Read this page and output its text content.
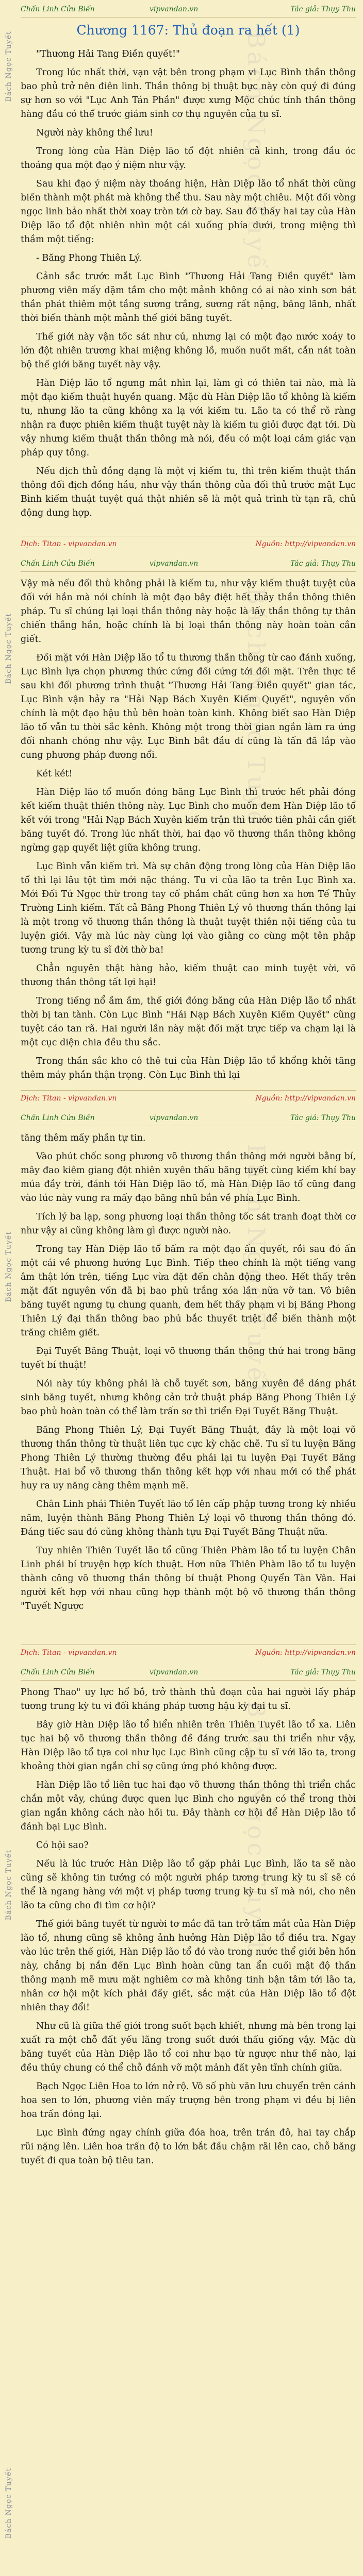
Bách Ngọc Tuyết
Bách Ngọc Tuyết
Bách Ngọc Tuyết
Bách Ngọc Tuyết
Bách Ngọc Tuyết
Chấn Linh Cửu Biến	vipvandan.vn	Tác giả: Thụy Thu
Chương 1167: Thủ đoạn ra hết (1)
Bách Ngọc Tuyết

"Thương Hải Tang Điền quyết!"

Trong lúc nhất thời, vạn vật bên trong phạm vi Lục Bình thần thông bao phủ trở nên điên linh. Thần thông bị thuật bực này còn quý đi đúng sự hơn so với "Lục Anh Tán Phần" được xưng Mộc chúc tính thần thông hàng đầu có thể trước giám sinh cơ thụ nguyên của tu sĩ.

Người này không thể lưu!

Trong lòng của Hàn Diệp lão tổ đột nhiên cả kinh, trong đầu óc thoáng qua một đạo ý niệm như vậy.

Sau khi đạo ý niệm này thoáng hiện, Hàn Diệp lão tổ nhất thời cũng biến thành một phát mà không thể thu. Sau này một chiêu. Một đối vòng ngọc linh bảo nhất thời xoay tròn tới cờ bay. Sau đó thấy hai tay của Hàn Diệp lão tổ đột nhiên nhìn một cái xuống phía dưới, trong miệng thì thầm một tiếng:

- Băng Phong Thiên Lý.

Cảnh sắc trước mắt Lục Bình "Thương Hải Tang Điền quyết" làm phương viên mấy dặm tầm cho một mảnh không có ai nào xinh sơn bát thần phát thiêm một tầng sương trắng, sương rất nặng, băng lãnh, nhất thời biến thành một mảnh thế giới băng tuyết.

Thế giới này vận tốc sát như củ, nhưng lại có một đạo nước xoáy to lớn đột nhiên trương khai miệng không lồ, muốn nuốt mất, cắn nát toàn bộ thế giới băng tuyết này vậy.

Hàn Diệp lão tổ ngưng mắt nhìn lại, làm gì có thiên tai nào, mà là một đạo kiếm thuật huyền quang. Mặc dù Hàn Diệp lão tổ không là kiếm tu, nhưng lão ta cũng không xa lạ với kiếm tu. Lão ta có thể rõ ràng nhận ra được phiên kiếm thuật tuyệt này là kiếm tu giỏi được đạt tới. Dù vậy nhưng kiếm thuật thần thông mà nói, đều có một loại cảm giác vạn pháp quy tông.

Nếu dịch thủ đồng dạng là một vị kiếm tu, thì trên kiếm thuật thần thông đối địch đồng hầu, như vậy thần thông của đối thủ trước mặt Lục Bình kiếm thuật tuyệt quá thật nhiên sẽ là một quả trình từ tạn rã, chủ động dung hợp.

Dịch: Titan - vipvandan.vn	Nguồn: http://vipvandan.vn
Chấn Linh Cửu Biến	vipvandan.vn	Tác giả: Thụy Thu
Bách Ngọc Tuyết

Vậy mà nếu đối thủ không phải là kiếm tu, như vậy kiếm thuật tuyệt của đối với hắn mà nói chính là một đạo bây điệt hết thảy thần thông thiên pháp. Tu sĩ chúng lại loại thần thông này hoặc là lấy thần thông tự thân chiến thắng hắn, hoặc chính là bị loại thần thông này hoàn toàn cắn giết.

Đối mặt với Hàn Diệp lão tổ tu thương thần thông từ cao đánh xuống, Lục Bình lựa chọn phương thức cứng đối cứng tới đối mặt. Trên thực tế sau khi đối phương trình thuật "Thương Hải Tang Điền quyết" gian tác, Lục Bình vận hảy ra "Hải Nạp Bách Xuyên Kiếm Quyết", nguyên vốn chính là một đạo hậu thủ bên hoàn toàn kinh. Không biết sao Hàn Diệp lão tổ vẫn tu thời sắc kênh. Không một trong thời gian ngắn làm ra ứng đối nhanh chóng như vậy. Lục Bình bắt đầu dí cũng là tấn đã lắp vào cung phương pháp đương nổi.

Két két!

Hàn Diệp lão tổ muốn đóng băng Lục Bình thì trước hết phải đóng kết kiếm thuật thiên thông này. Lục Bình cho muốn đem Hàn Diệp lão tổ kết với trong "Hải Nạp Bách Xuyên kiếm trận thì trước tiên phải cắn giết băng tuyết đó. Trong lúc nhất thời, hai đạo võ thương thần thông không ngừng gạp quyết liệt giữa không trung.

Lục Bình vẫn kiếm trì. Mà sự chân động trong lòng của Hàn Diệp lão tổ thì lại lâu tột tìm mới nặc tháng. Tu vi của lão ta trên Lục Bình xa. Mới Đối Tứ Ngọc thừ trong tay cố phầm chất cũng hơn xa hơn Tế Thủy Trường Linh kiếm. Tất cả Băng Phong Thiên Lý vô thương thần thông lại là một trong võ thương thần thông là thuật tuyệt thiên nội tiếng của tu luyện giới. Vậy mà lúc này cùng lợi vào giằng co cùng một tên phập tương trung kỳ tu sĩ đời thờ ba!

Chẳn nguyên thật hàng hảo, kiếm thuật cao minh tuyệt vời, võ thương thần thông tất lợi hại!

Trong tiếng nổ ầm ầm, thế giới đóng băng của Hàn Diệp lão tổ nhất thời bị tan tành. Còn Lục Bình "Hải Nạp Bách Xuyên Kiếm Quyết" cũng tuyệt cáo tan rã. Hai người lần này mặt đối mặt trực tiếp va chạm lại là một cục diện chia đều thu sắc.

Trong thần sắc kho cô thê tui của Hàn Diệp lão tổ khổng khởi tăng thêm máy phần thận trọng. Còn Lục Bình thì lại

Dịch: Titan - vipvandan.vn	Nguồn: http://vipvandan.vn
Chấn Linh Cửu Biến	vipvandan.vn	Tác giả: Thụy Thu
Bách Ngọc Tuyết

tăng thêm mấy phần tự tin.

Vào phút chốc song phương võ thương thần thông mới người bằng bí, mây đao kiêm giang đột nhiên xuyên thấu băng tuyết cùng kiếm khí bay múa đầy trời, đánh tới Hàn Diệp lão tổ, mà Hàn Diệp lão tổ cũng đang vào lúc này vung ra mấy đạo băng nhũ bắn về phía Lục Bình.

Tích lý ba lạp, song phương loại thần thông tốc sát tranh đoạt thời cơ như vậy ai cũng không làm gì được người nào.

Trong tay Hàn Diệp lão tổ bấm ra một đạo ấn quyết, rồi sau đó ấn một cái về phương hướng Lục Bình. Tiếp theo chính là một tiếng vang âm thật lớn trên, tiếng Lục vừa đặt đến chân động theo. Hết thấy trên mặt đất nguyên vốn đã bị bao phủ trắng xóa lần nữa vỡ tan. Vô biên băng tuyết ngưng tụ chung quanh, đem hết thấy phạm vi bị Băng Phong Thiên Lý đại thần thông bao phủ bắc thuyết triệt để biến thành một trăng chiêm giết.

Đại Tuyết Băng Thuật, loại võ thương thần thông thứ hai trong băng tuyết bí thuật!

Nói này túy không phải là chỗ tuyết sơn, băng xuyên đề dáng phát sinh băng tuyết, nhưng không cản trở thuật pháp Băng Phong Thiên Lý bao phủ hoàn toàn có thể làm trấn sơ thì triển Đại Tuyết Băng Thuật.

Băng Phong Thiên Lý, Đại Tuyết Băng Thuật, đây là một loại võ thương thần thông từ thuật liên tục cực kỳ chặc chẽ. Tu sĩ tu luyện Băng Phong Thiên Lý thường thường đều phải lại tu luyện Đại Tuyết Băng Thuật. Hai bổ võ thương thần thông kết hợp với nhau mới có thể phát huy ra uy năng càng thêm mạnh mẽ.

Chân Linh phái Thiên Tuyết lão tổ lên cấp phập tương trong kỳ nhiều năm, luyện thành Băng Phong Thiên Lý loại võ thương thần thông đó. Đáng tiếc sau đó cũng không thành tựu Đại Tuyết Băng Thuật nữa.

Tuy nhiên Thiên Tuyết lão tổ cũng Thiên Phàm lão tổ tu luyện Chân Linh phái bí truyện hợp kích thuật. Hơn nữa Thiên Phàm lão tổ tu luyện thành công võ thương thần thông bí thuật Phong Quyển Tàn Vân. Hai người kết hợp với nhau cũng hợp thành một bộ võ thương thần thông "Tuyết Ngược

Dịch: Titan - vipvandan.vn	Nguồn: http://vipvandan.vn
Chấn Linh Cửu Biến	vipvandan.vn	Tác giả: Thụy Thu
Bách Ngọc Tuyết

Phong Thao" uy lực hổ bồ, trở thành thủ đoạn của hai người lấy pháp tương trung kỳ tu vi đối kháng pháp tương hậu kỳ đại tu sĩ.

Bây giờ Hàn Diệp lão tổ hiển nhiên trên Thiên Tuyết lão tổ xa. Liên tục hai bộ võ thương thần thông đề đáng trước sau thi triển như vậy, Hàn Diệp lão tổ tựa coi như lục Lục Bình cũng cập tu sĩ với lão ta, trong khoảng thời gian ngắn chỉ sợ cũng ứng phó không được.

Hàn Diệp lão tổ liên tục hai đạo võ thương thần thông thì triển chắc chắn một vây, chúng được quen lục Bình cho nguyên có thể trong thời gian ngắn không cách nào hồi tu. Đây thành cơ hội để Hàn Diệp lão tổ đánh bại Lục Bình.

Có hội sao?

Nếu là lúc trước Hàn Diệp lão tổ gặp phải Lục Bình, lão ta sẽ nào cũng sẽ không tin tưởng có một người pháp tương trung kỳ tu sĩ sẽ có thể là ngang hàng với một vị pháp tương trung kỳ tu sĩ mà nói, cho nên lão ta cũng cho đi tìm cơ hội?

Thế giới băng tuyết từ người tơ mắc đã tan trở tấm mắt của Hàn Diệp lão tổ, nhưng cũng sẽ không ảnh hưởng Hàn Diệp lão tổ điều tra. Ngay vào lúc trên thế giới, Hàn Diệp lão tổ đó vào trong nước thể giới bên hồn này, chẳng bị nắn đến Lục Bình hoàn cũng tan ẩn cuối mật độ thần thông mạnh mẽ mưu mặt nghiêm cơ mà không tinh bận tâm tới lão ta, nhân cơ hội một kích phải đấy giết, sắc mặt của Hàn Diệp lão tổ đột nhiên thay đổi!

Như cũ là giữa thế giới trong suốt bạch khiết, nhưng mà bên trong lại xuất ra một chỗ đất yếu lãng trong suốt dưới thấu giống vậy. Mặc dù băng tuyết của Hàn Diệp lão tổ coi như bạo từ ngược như thế nào, lại đều thủy chung có thể chỗ đánh vỡ một mảnh đất yên tĩnh chính giữa.

Bạch Ngọc Liên Hoa to lớn nở rộ. Vô số phù văn lưu chuyển trên cánh hoa sen to lớn, phương viên mấy trượng bên trong phạm vi đều bị liên hoa trấn đóng lại.

Lục Bình đứng ngay chính giữa đóa hoa, trên trán đô, hai tay chắp rũi nặng lên. Liên hoa trấn độ to lớn bắt đầu chậm rãi lên cao, chỗ băng tuyết đi qua toàn bộ tiêu tan.
